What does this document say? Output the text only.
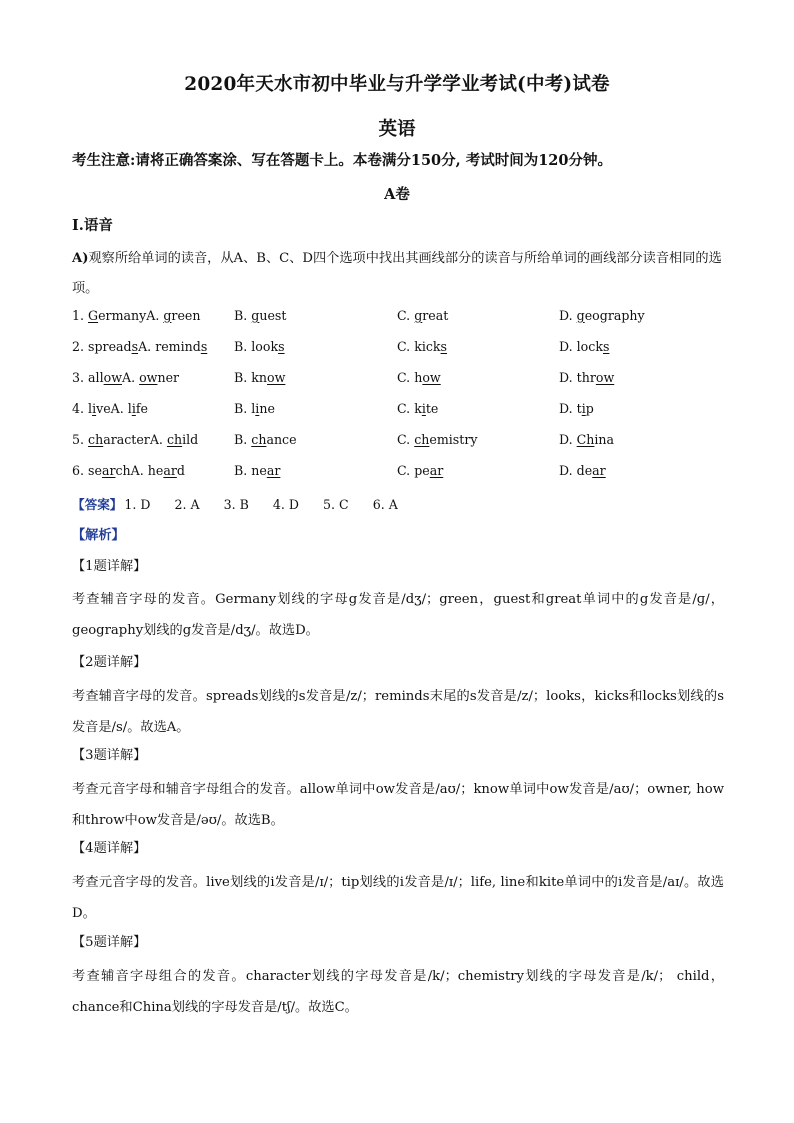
2020年天水市初中毕业与升学学业考试(中考)试卷
英语
考生注意:请将正确答案涂、写在答题卡上。本卷满分150分, 考试时间为120分钟。
A卷
I.语音
A)观察所给单词的读音，从A、B、C、D四个选项中找出其画线部分的读音与所给单词的画线部分读音相同的选项。
1. GermanyA. green	B. guest	C. great	D. geography
2. spreadsA. reminds B. looks	C. kicks	D. locks
3. allowA. owner	B. know	C. how	D. throw
4. liveA. life	B. line	C. kite	D. tip
5. characterA. child	B. chance	C. chemistry	D. China
6. searchA. heard	B. near	C. pear	D. dear
【答案】 1. D 2. A 3. B 4. D 5. C 6. A
【解析】
【1题详解】
考查辅音字母的发音。Germany划线的字母g发音是/dʒ/；green，guest和great单词中的g发音是/ɡ/，geography划线的g发音是/dʒ/。故选D。
【2题详解】
考查辅音字母的发音。spreads划线的s发音是/z/；reminds末尾的s发音是/z/；looks，kicks和locks划线的s发音是/s/。故选A。
【3题详解】
考查元音字母和辅音字母组合的发音。allow单词中ow发音是/aʊ/；know单词中ow发音是/aʊ/；owner, how和throw中ow发音是/əʊ/。故选B。
【4题详解】
考查元音字母的发音。live划线的i发音是/ɪ/；tip划线的i发音是/ɪ/；life, line和kite单词中的i发音是/aɪ/。故选D。
【5题详解】
考查辅音字母组合的发音。character划线的字母发音是/k/；chemistry划线的字母发音是/k/； child，chance和China划线的字母发音是/tʃ/。故选C。
